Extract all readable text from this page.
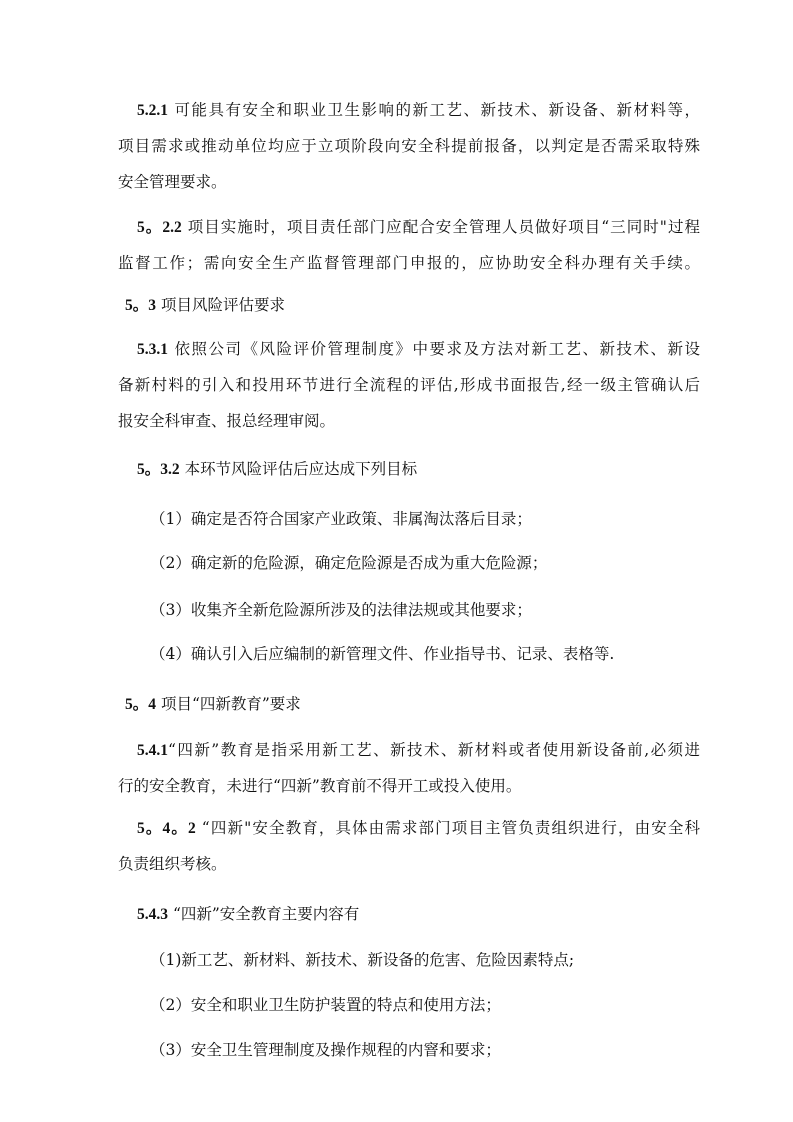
5.2.1 可能具有安全和职业卫生影响的新工艺、新技术、新设备、新材料等，
项目需求或推动单位均应于立项阶段向安全科提前报备，以判定是否需采取特殊
安全管理要求。
5。2.2 项目实施时，项目责任部门应配合安全管理人员做好项目“三同时"过程
监督工作；需向安全生产监督管理部门申报的，应协助安全科办理有关手续。
5。3 项目风险评估要求
5.3.1 依照公司《风险评价管理制度》中要求及方法对新工艺、新技术、新设
备新村料的引入和投用环节进行全流程的评估,形成书面报告,经一级主管确认后
报安全科审查、报总经理审阅。
5。3.2 本环节风险评估后应达成下列目标
（1）确定是否符合国家产业政策、非属淘汰落后目录；
（2）确定新的危险源，确定危险源是否成为重大危险源；
（3）收集齐全新危险源所涉及的法律法规或其他要求；
（4）确认引入后应编制的新管理文件、作业指导书、记录、表格等.
5。4 项目“四新教育”要求
5.4.1“四新”教育是指采用新工艺、新技术、新材料或者使用新设备前,必须进
行的安全教育，未进行“四新”教育前不得开工或投入使用。
5。4。2 “四新"安全教育，具体由需求部门项目主管负责组织进行，由安全科
负责组织考核。
5.4.3 “四新”安全教育主要内容有
（1)新工艺、新材料、新技术、新设备的危害、危险因素特点;
（2）安全和职业卫生防护装置的特点和使用方法；
（3）安全卫生管理制度及操作规程的内窨和要求；
